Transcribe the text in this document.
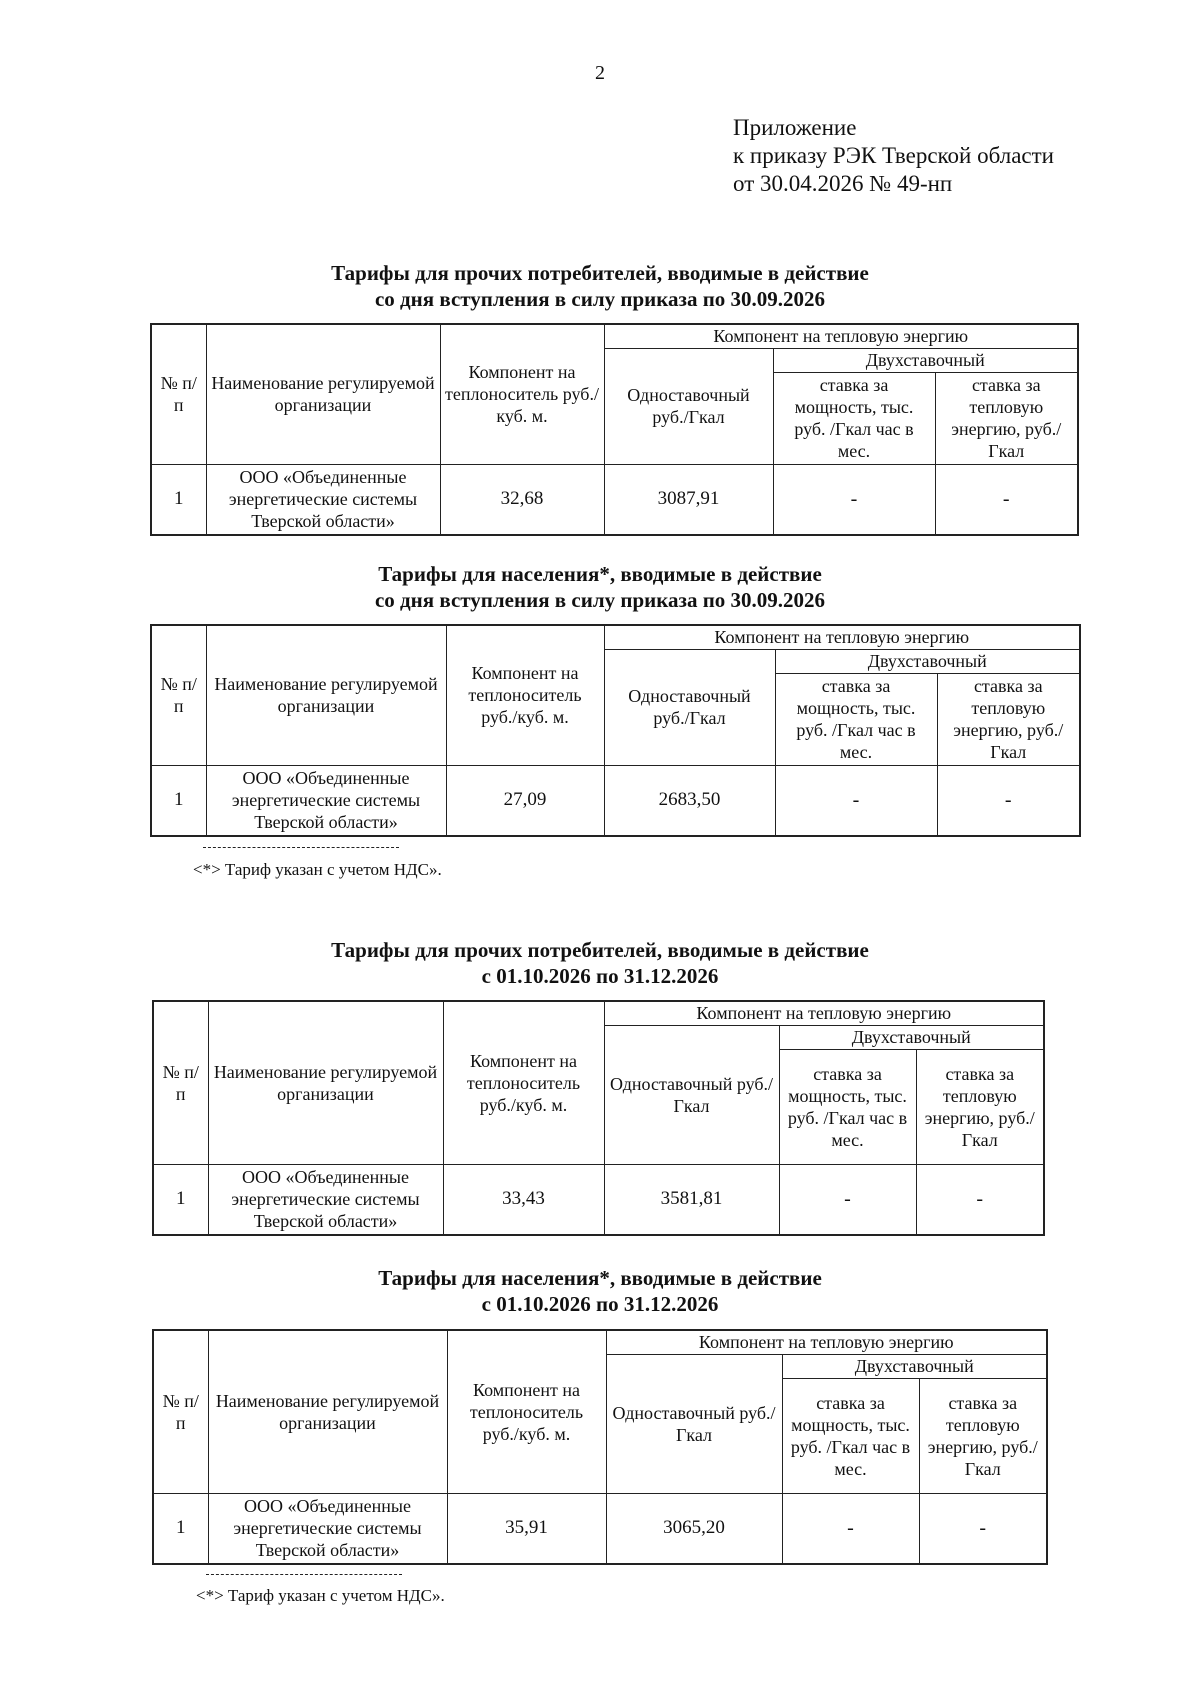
2
Приложение
к приказу РЭК Тверской области
от 30.04.2026 № 49-нп
Тарифы для прочих потребителей, вводимые в действие
со дня вступления в силу приказа по 30.09.2026
№ п/п	Наименование регулируемой организации	Компонент на теплоноситель руб./куб. м.	Компонент на тепловую энергию		
			Одноставочный руб./Гкал	Двухставочный	
				ставка за мощность, тыс. руб. /Гкал час в мес.	ставка за тепловую энергию, руб./Гкал
1	ООО «Объединенные энергетические системы Тверской области»	32,68	3087,91	-	-
Тарифы для населения*, вводимые в действие
со дня вступления в силу приказа по 30.09.2026
№ п/п	Наименование регулируемой организации	Компонент на теплоноситель руб./куб. м.	Компонент на тепловую энергию		
			Одноставочный руб./Гкал	Двухставочный	
				ставка за мощность, тыс. руб. /Гкал час в мес.	ставка за тепловую энергию, руб./Гкал
1	ООО «Объединенные энергетические системы Тверской области»	27,09	2683,50	-	-
<*> Тариф указан с учетом НДС».
Тарифы для прочих потребителей, вводимые в действие
с 01.10.2026 по 31.12.2026
№ п/п	Наименование регулируемой организации	Компонент на теплоноситель руб./куб. м.	Компонент на тепловую энергию		
			Одноставочный руб./Гкал	Двухставочный	
				ставка за мощность, тыс. руб. /Гкал час в мес.	ставка за тепловую энергию, руб./Гкал
1	ООО «Объединенные энергетические системы Тверской области»	33,43	3581,81	-	-
Тарифы для населения*, вводимые в действие
с 01.10.2026 по 31.12.2026
№ п/п	Наименование регулируемой организации	Компонент на теплоноситель руб./куб. м.	Компонент на тепловую энергию		
			Одноставочный руб./Гкал	Двухставочный	
				ставка за мощность, тыс. руб. /Гкал час в мес.	ставка за тепловую энергию, руб./Гкал
1	ООО «Объединенные энергетические системы Тверской области»	35,91	3065,20	-	-
<*> Тариф указан с учетом НДС».
